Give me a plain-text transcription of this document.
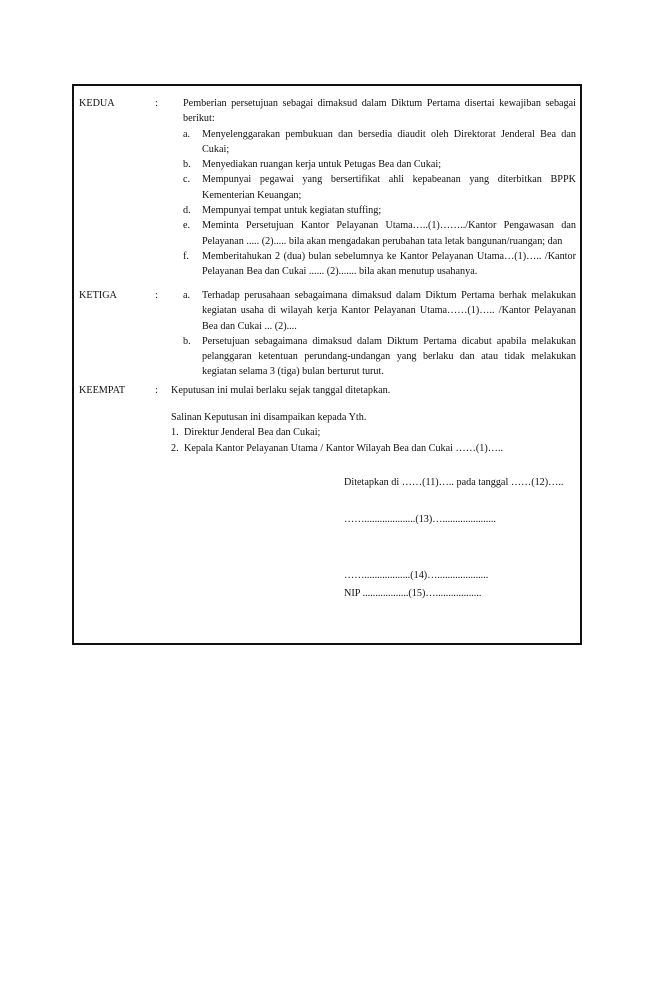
KEDUA	: Pemberian persetujuan sebagai dimaksud dalam Diktum Pertama disertai kewajiban sebagai berikut:
a. Menyelenggarakan pembukuan dan bersedia diaudit oleh Direktorat Jenderal Bea dan Cukai;
b. Menyediakan ruangan kerja untuk Petugas Bea dan Cukai;
c. Mempunyai pegawai yang bersertifikat ahli kepabeanan yang diterbitkan BPPK Kementerian Keuangan;
d. Mempunyai tempat untuk kegiatan stuffing;
e. Meminta Persetujuan Kantor Pelayanan Utama…..(1)……../Kantor Pengawasan dan Pelayanan ..... (2)..... bila akan mengadakan perubahan tata letak bangunan/ruangan; dan
f. Memberitahukan 2 (dua) bulan sebelumnya ke Kantor Pelayanan Utama…(1)….. /Kantor Pelayanan Bea dan Cukai ...... (2)....... bila akan menutup usahanya.
KETIGA	: a. Terhadap perusahaan sebagaimana dimaksud dalam Diktum Pertama berhak melakukan kegiatan usaha di wilayah kerja Kantor Pelayanan Utama……(1)….. /Kantor Pelayanan Bea dan Cukai ... (2)....
b. Persetujuan sebagaimana dimaksud dalam Diktum Pertama dicabut apabila melakukan pelanggaran ketentuan perundang-undangan yang berlaku dan atau tidak melakukan kegiatan selama 3 (tiga) bulan berturut turut.
KEEMPAT	: Keputusan ini mulai berlaku sejak tanggal ditetapkan.
Salinan Keputusan ini disampaikan kepada Yth.
1. Direktur Jenderal Bea dan Cukai;
2. Kepala Kantor Pelayanan Utama / Kantor Wilayah Bea dan Cukai ……(1)…..
Ditetapkan di ……(11)….. pada tanggal ……(12)…..
……....................(13)….....................
……..................(14)…....................
NIP ..................(15)…..................
